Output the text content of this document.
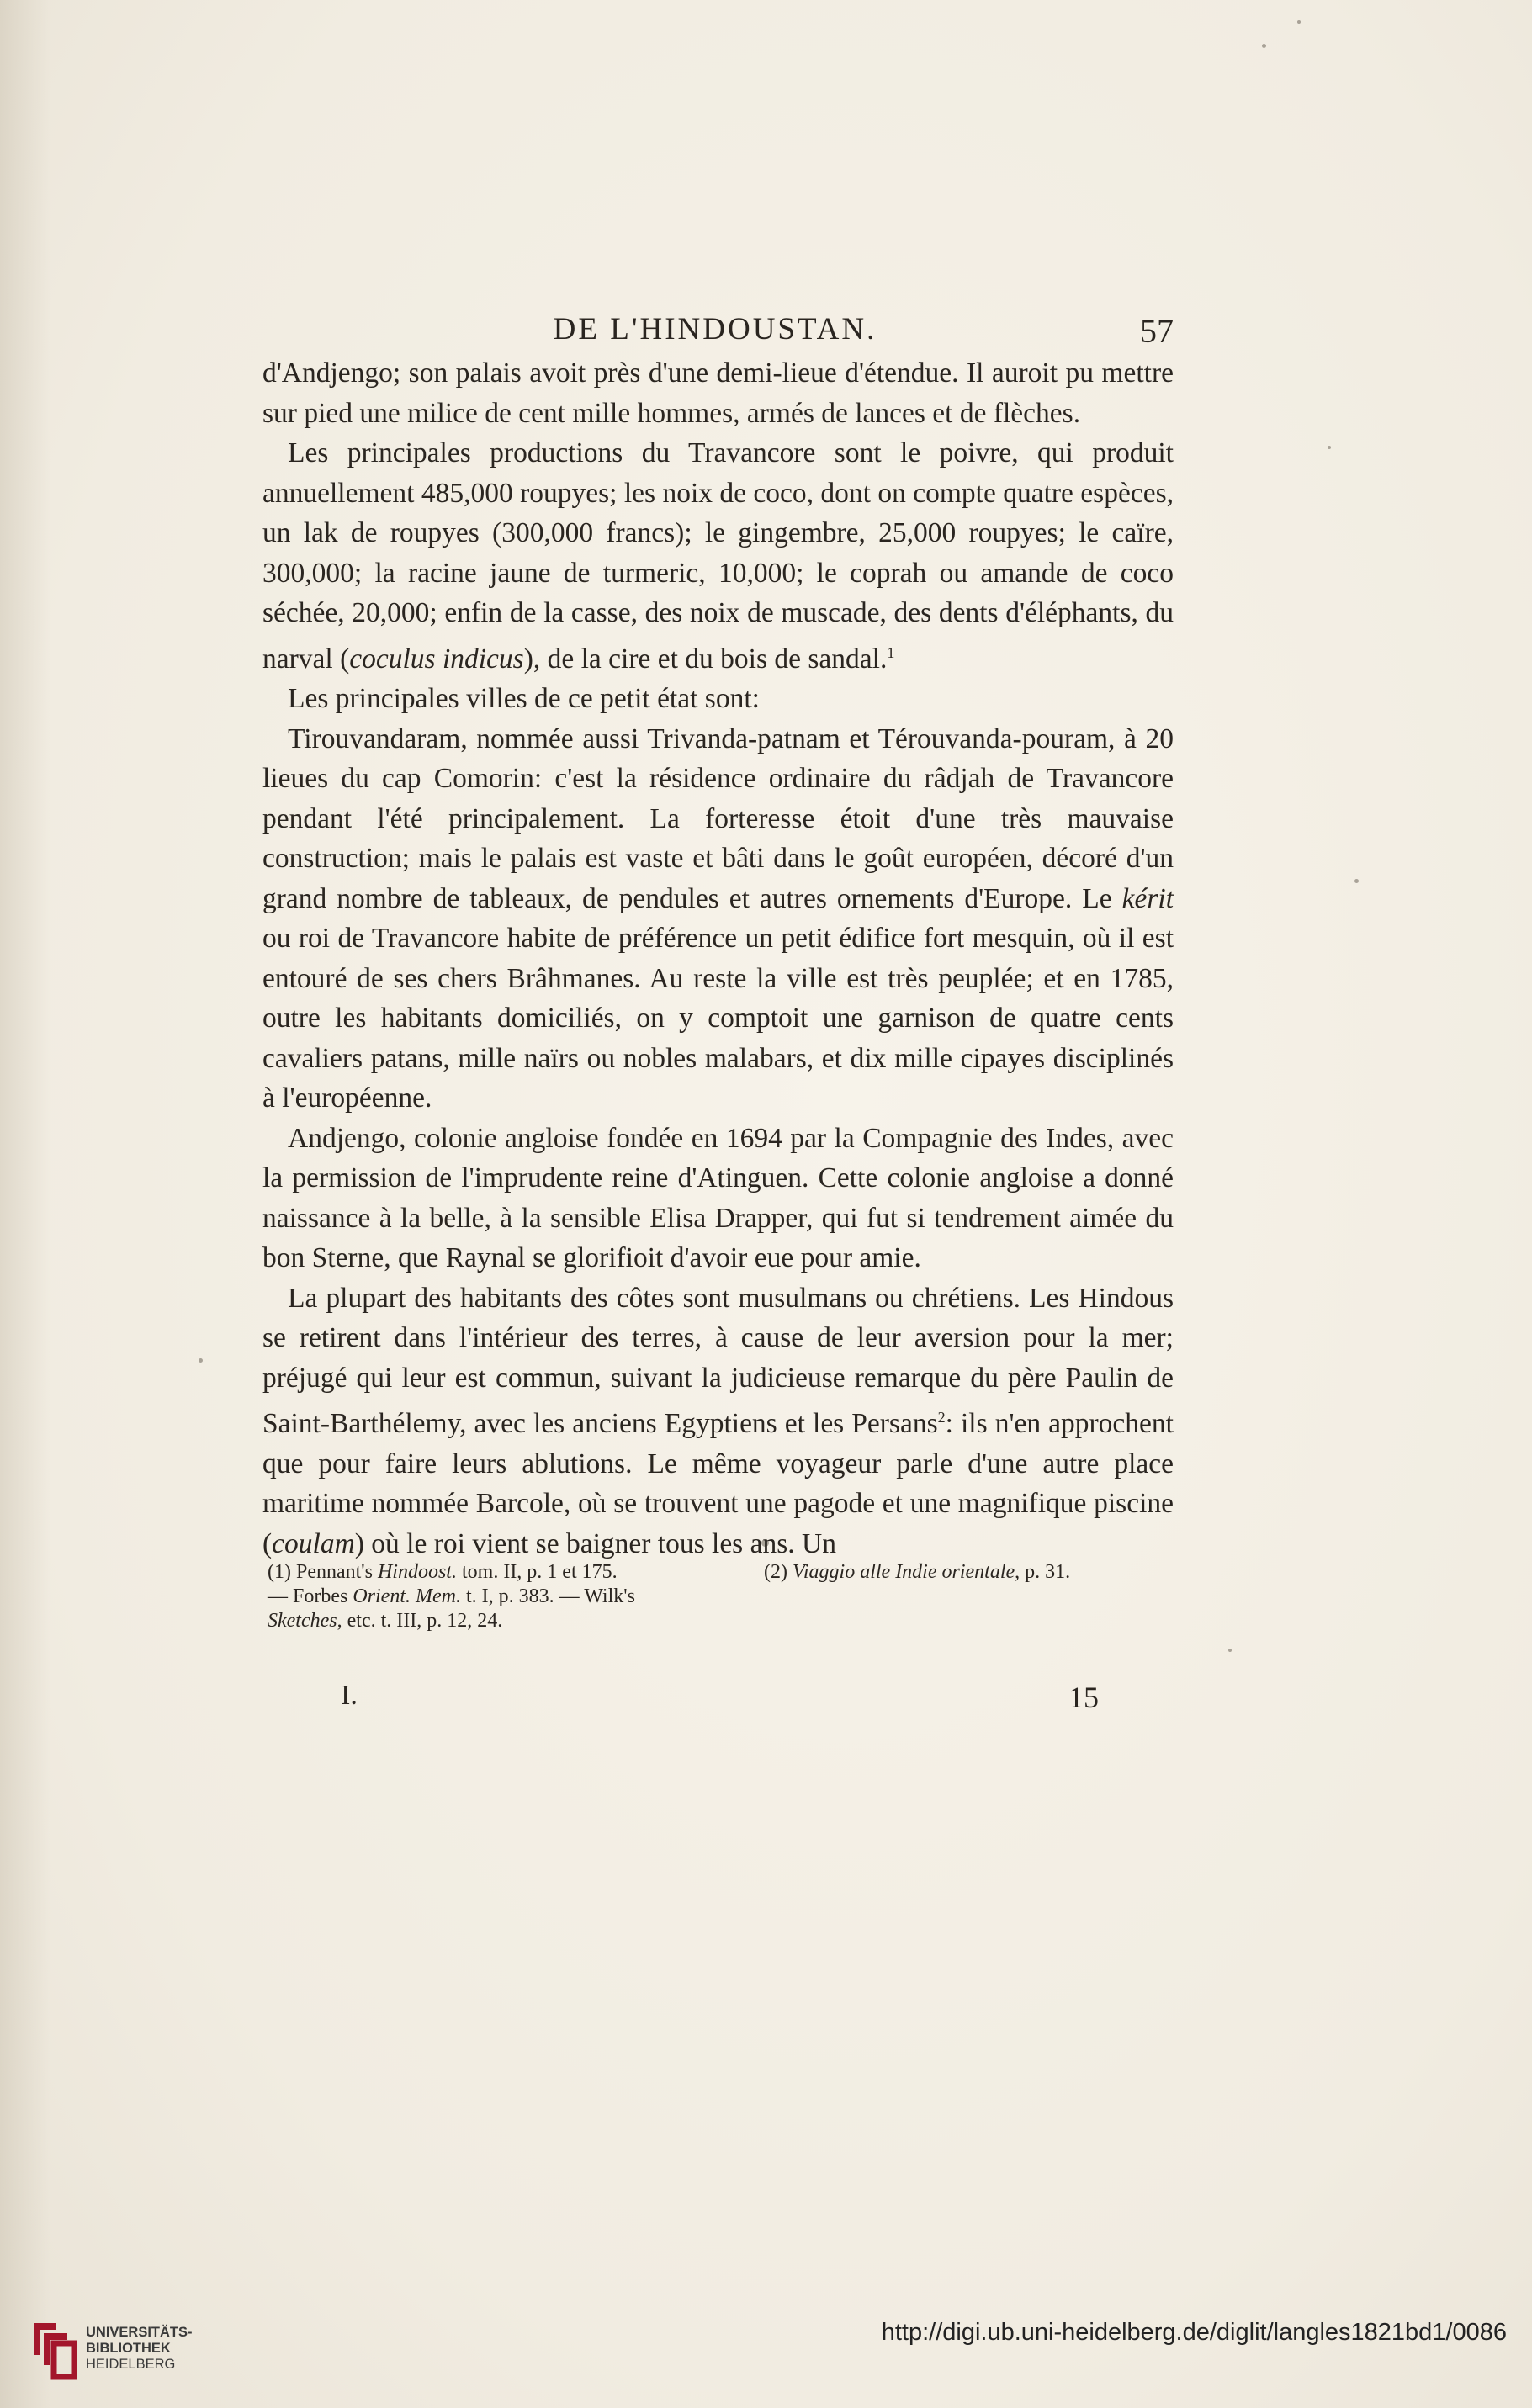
DE L'HINDOUSTAN.	57

d'Andjengo; son palais avoit près d'une demi-lieue d'étendue. Il auroit pu mettre sur pied une milice de cent mille hommes, armés de lances et de flèches.

Les principales productions du Travancore sont le poivre, qui produit annuellement 485,000 roupyes; les noix de coco, dont on compte quatre espèces, un lak de roupyes (300,000 francs); le gingembre, 25,000 roupyes; le caïre, 300,000; la racine jaune de turmeric, 10,000; le coprah ou amande de coco séchée, 20,000; enfin de la casse, des noix de muscade, des dents d'éléphants, du narval (coculus indicus), de la cire et du bois de sandal.$^1$

Les principales villes de ce petit état sont:

Tirouvandaram, nommée aussi Trivanda-patnam et Térouvanda-pouram, à 20 lieues du cap Comorin: c'est la résidence ordinaire du râdjah de Travancore pendant l'été principalement. La forteresse étoit d'une très mauvaise construction; mais le palais est vaste et bâti dans le goût européen, décoré d'un grand nombre de tableaux, de pendules et autres ornements d'Europe. Le kérit ou roi de Travancore habite de préférence un petit édifice fort mesquin, où il est entouré de ses chers Brâhmanes. Au reste la ville est très peuplée; et en 1785, outre les habitants domiciliés, on y comptoit une garnison de quatre cents cavaliers patans, mille naïrs ou nobles malabars, et dix mille cipayes disciplinés à l'européenne.

Andjengo, colonie angloise fondée en 1694 par la Compagnie des Indes, avec la permission de l'imprudente reine d'Atinguen. Cette colonie angloise a donné naissance à la belle, à la sensible Elisa Drapper, qui fut si tendrement aimée du bon Sterne, que Raynal se glorifioit d'avoir eue pour amie.

La plupart des habitants des côtes sont musulmans ou chrétiens. Les Hindous se retirent dans l'intérieur des terres, à cause de leur aversion pour la mer; préjugé qui leur est commun, suivant la judicieuse remarque du père Paulin de Saint-Barthélemy, avec les anciens Egyptiens et les Persans$^2$: ils n'en approchent que pour faire leurs ablutions. Le même voyageur parle d'une autre place maritime nommée Barcole, où se trouvent une pagode et une magnifique piscine (coulam) où le roi vient se baigner tous les ans. Un

(1) Pennant's Hindoost. tom. II, p. 1 et 175.
— Forbes Orient. Mem. t. I, p. 383. — Wilk's
Sketches, etc. t. III, p. 12, 24.
(2) Viaggio alle Indie orientale, p. 31.
I.	15
UNIVERSITÄTS-
BIBLIOTHEK
HEIDELBERG
http://digi.ub.uni-heidelberg.de/diglit/langles1821bd1/0086
